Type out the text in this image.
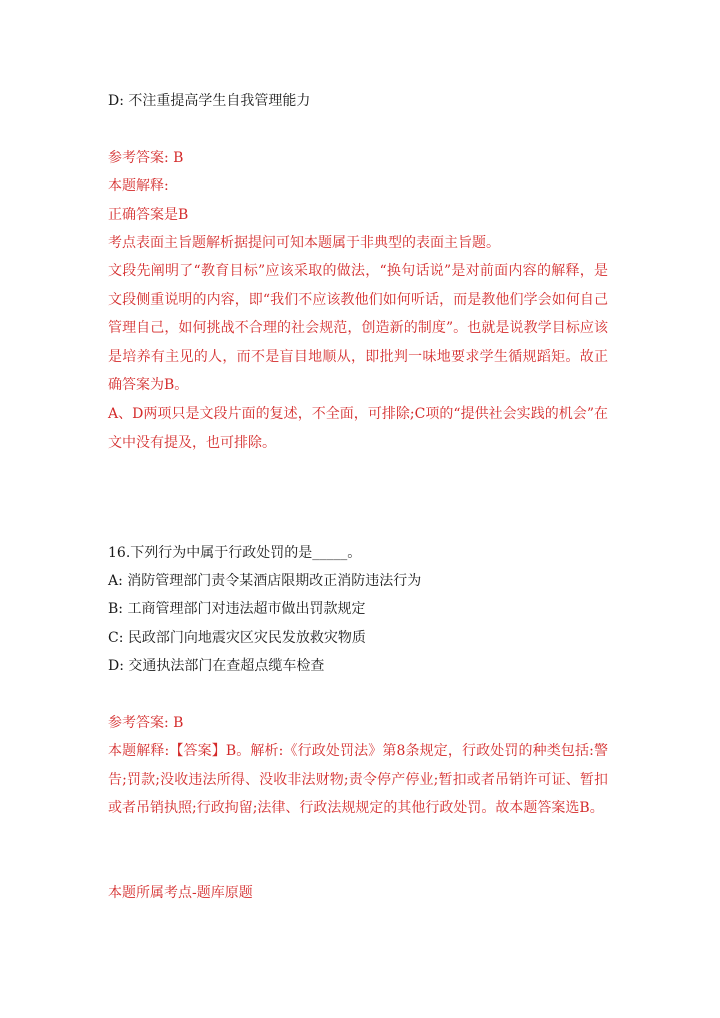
D: 不注重提高学生自我管理能力
参考答案: B
本题解释:
正确答案是B
考点表面主旨题解析据提问可知本题属于非典型的表面主旨题。
文段先阐明了“教育目标”应该采取的做法，“换句话说”是对前面内容的解释，是文段侧重说明的内容，即“我们不应该教他们如何听话，而是教他们学会如何自己管理自己，如何挑战不合理的社会规范，创造新的制度”。也就是说教学目标应该是培养有主见的人，而不是盲目地顺从，即批判一味地要求学生循规蹈矩。故正确答案为B。
A、D两项只是文段片面的复述，不全面，可排除;C项的“提供社会实践的机会”在文中没有提及，也可排除。
16.下列行为中属于行政处罚的是_____。
A: 消防管理部门责令某酒店限期改正消防违法行为
B: 工商管理部门对违法超市做出罚款规定
C: 民政部门向地震灾区灾民发放救灾物质
D: 交通执法部门在查超点缆车检查
参考答案: B
本题解释:【答案】B。解析:《行政处罚法》第8条规定，行政处罚的种类包括:警告;罚款;没收违法所得、没收非法财物;责令停产停业;暂扣或者吊销许可证、暂扣或者吊销执照;行政拘留;法律、行政法规规定的其他行政处罚。故本题答案选B。
本题所属考点-题库原题
